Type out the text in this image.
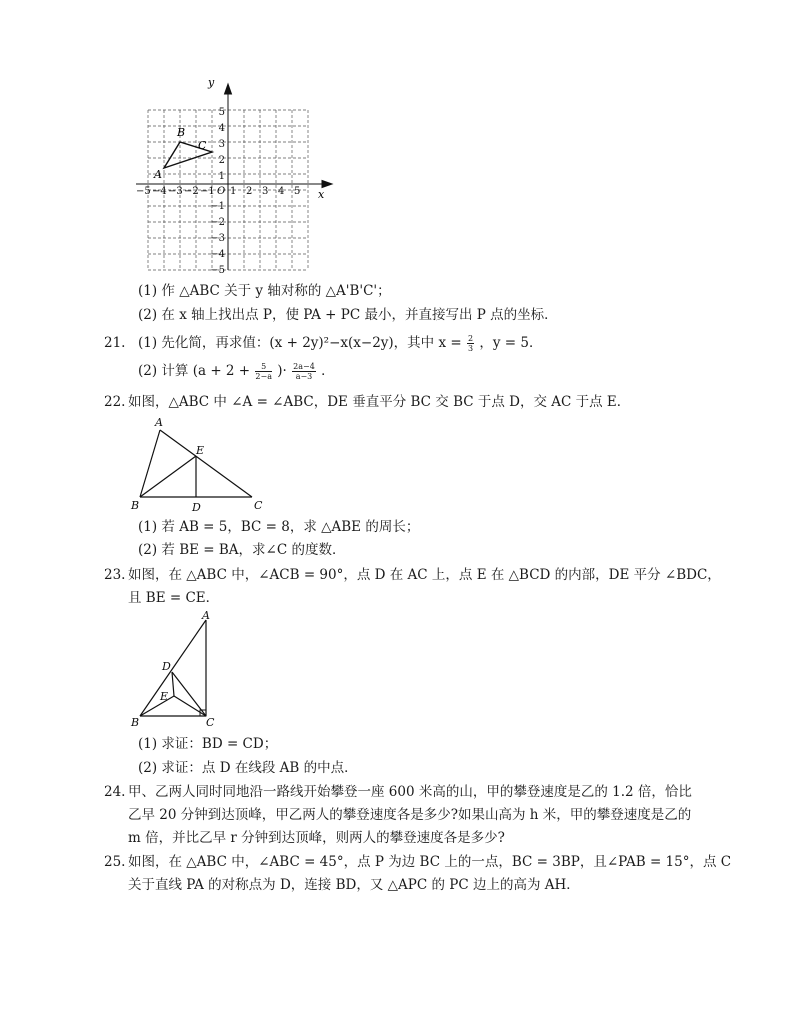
x
y
O
−5 −4 −3 −2 −1 1 2 3 4 5
5
4
3
2
1
−1
−2
−3
−4
−5
A
B
C
(1) 作 △ABC 关于 y 轴对称的 △A'B'C'；
(2) 在 x 轴上找出点 P，使 PA + PC 最小，并直接写出 P 点的坐标．
21. (1) 先化简，再求值：(x + 2y)²−x(x−2y)，其中 $x = \frac{2}{3}$ ，y = 5．
(2) 计算 ($a + 2 + \frac{5}{2-a}$ )· $\frac{2a-4}{a-3}$ ．
22. 如图，△ABC 中 ∠A = ∠ABC，DE 垂直平分 BC 交 BC 于点 D，交 AC 于点 E．
A
B	C
D
E
(1) 若 AB = 5，BC = 8，求 △ABE 的周长；
(2) 若 BE = BA，求∠C 的度数．
23. 如图，在 △ABC 中，∠ACB = 90°，点 D 在 AC 上，点 E 在 △BCD 的内部，DE 平分 ∠BDC，
且 BE = CE．
A
B	C
D
E
(1) 求证：BD = CD；
(2) 求证：点 D 在线段 AB 的中点．
24. 甲、乙两人同时同地沿一路线开始攀登一座 600 米高的山，甲的攀登速度是乙的 1.2 倍，恰比
乙早 20 分钟到达顶峰，甲乙两人的攀登速度各是多少?如果山高为 h 米，甲的攀登速度是乙的
m 倍，并比乙早 r 分钟到达顶峰，则两人的攀登速度各是多少?
25. 如图，在 △ABC 中，∠ABC = 45°，点 P 为边 BC 上的一点，BC = 3BP，且∠PAB = 15°，点 C
关于直线 PA 的对称点为 D，连接 BD，又 △APC 的 PC 边上的高为 AH．
